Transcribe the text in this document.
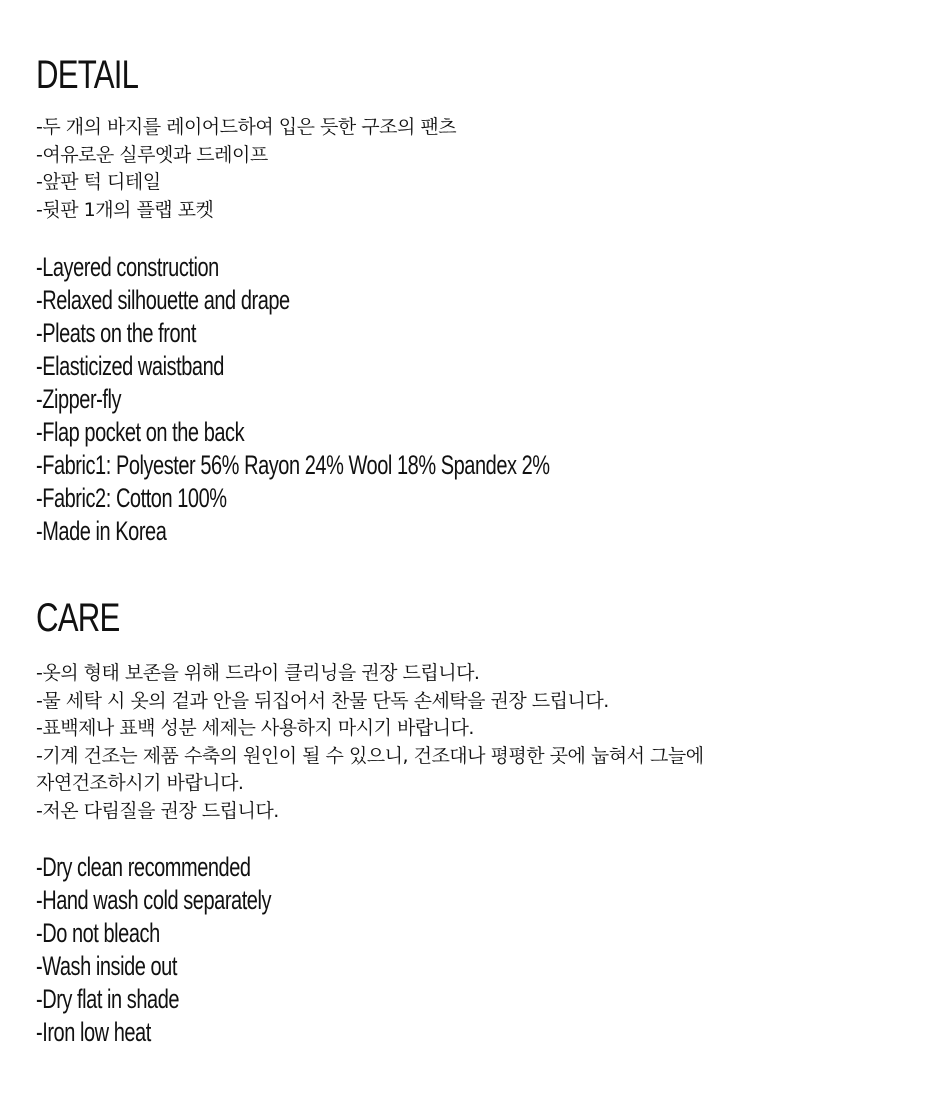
DETAIL
-두 개의 바지를 레이어드하여 입은 듯한 구조의 팬츠
-여유로운 실루엣과 드레이프
-앞판 턱 디테일
-뒷판 1개의 플랩 포켓
-Layered construction
-Relaxed silhouette and drape
-Pleats on the front
-Elasticized waistband
-Zipper-fly
-Flap pocket on the back
-Fabric1: Polyester 56% Rayon 24% Wool 18% Spandex 2%
-Fabric2: Cotton 100%
-Made in Korea
CARE
-옷의 형태 보존을 위해 드라이 클리닝을 권장 드립니다.
-물 세탁 시 옷의 겉과 안을 뒤집어서 찬물 단독 손세탁을 권장 드립니다.
-표백제나 표백 성분 세제는 사용하지 마시기 바랍니다.
-기계 건조는 제품 수축의 원인이 될 수 있으니, 건조대나 평평한 곳에 눕혀서 그늘에
자연건조하시기 바랍니다.
-저온 다림질을 권장 드립니다.
-Dry clean recommended
-Hand wash cold separately
-Do not bleach
-Wash inside out
-Dry flat in shade
-Iron low heat
